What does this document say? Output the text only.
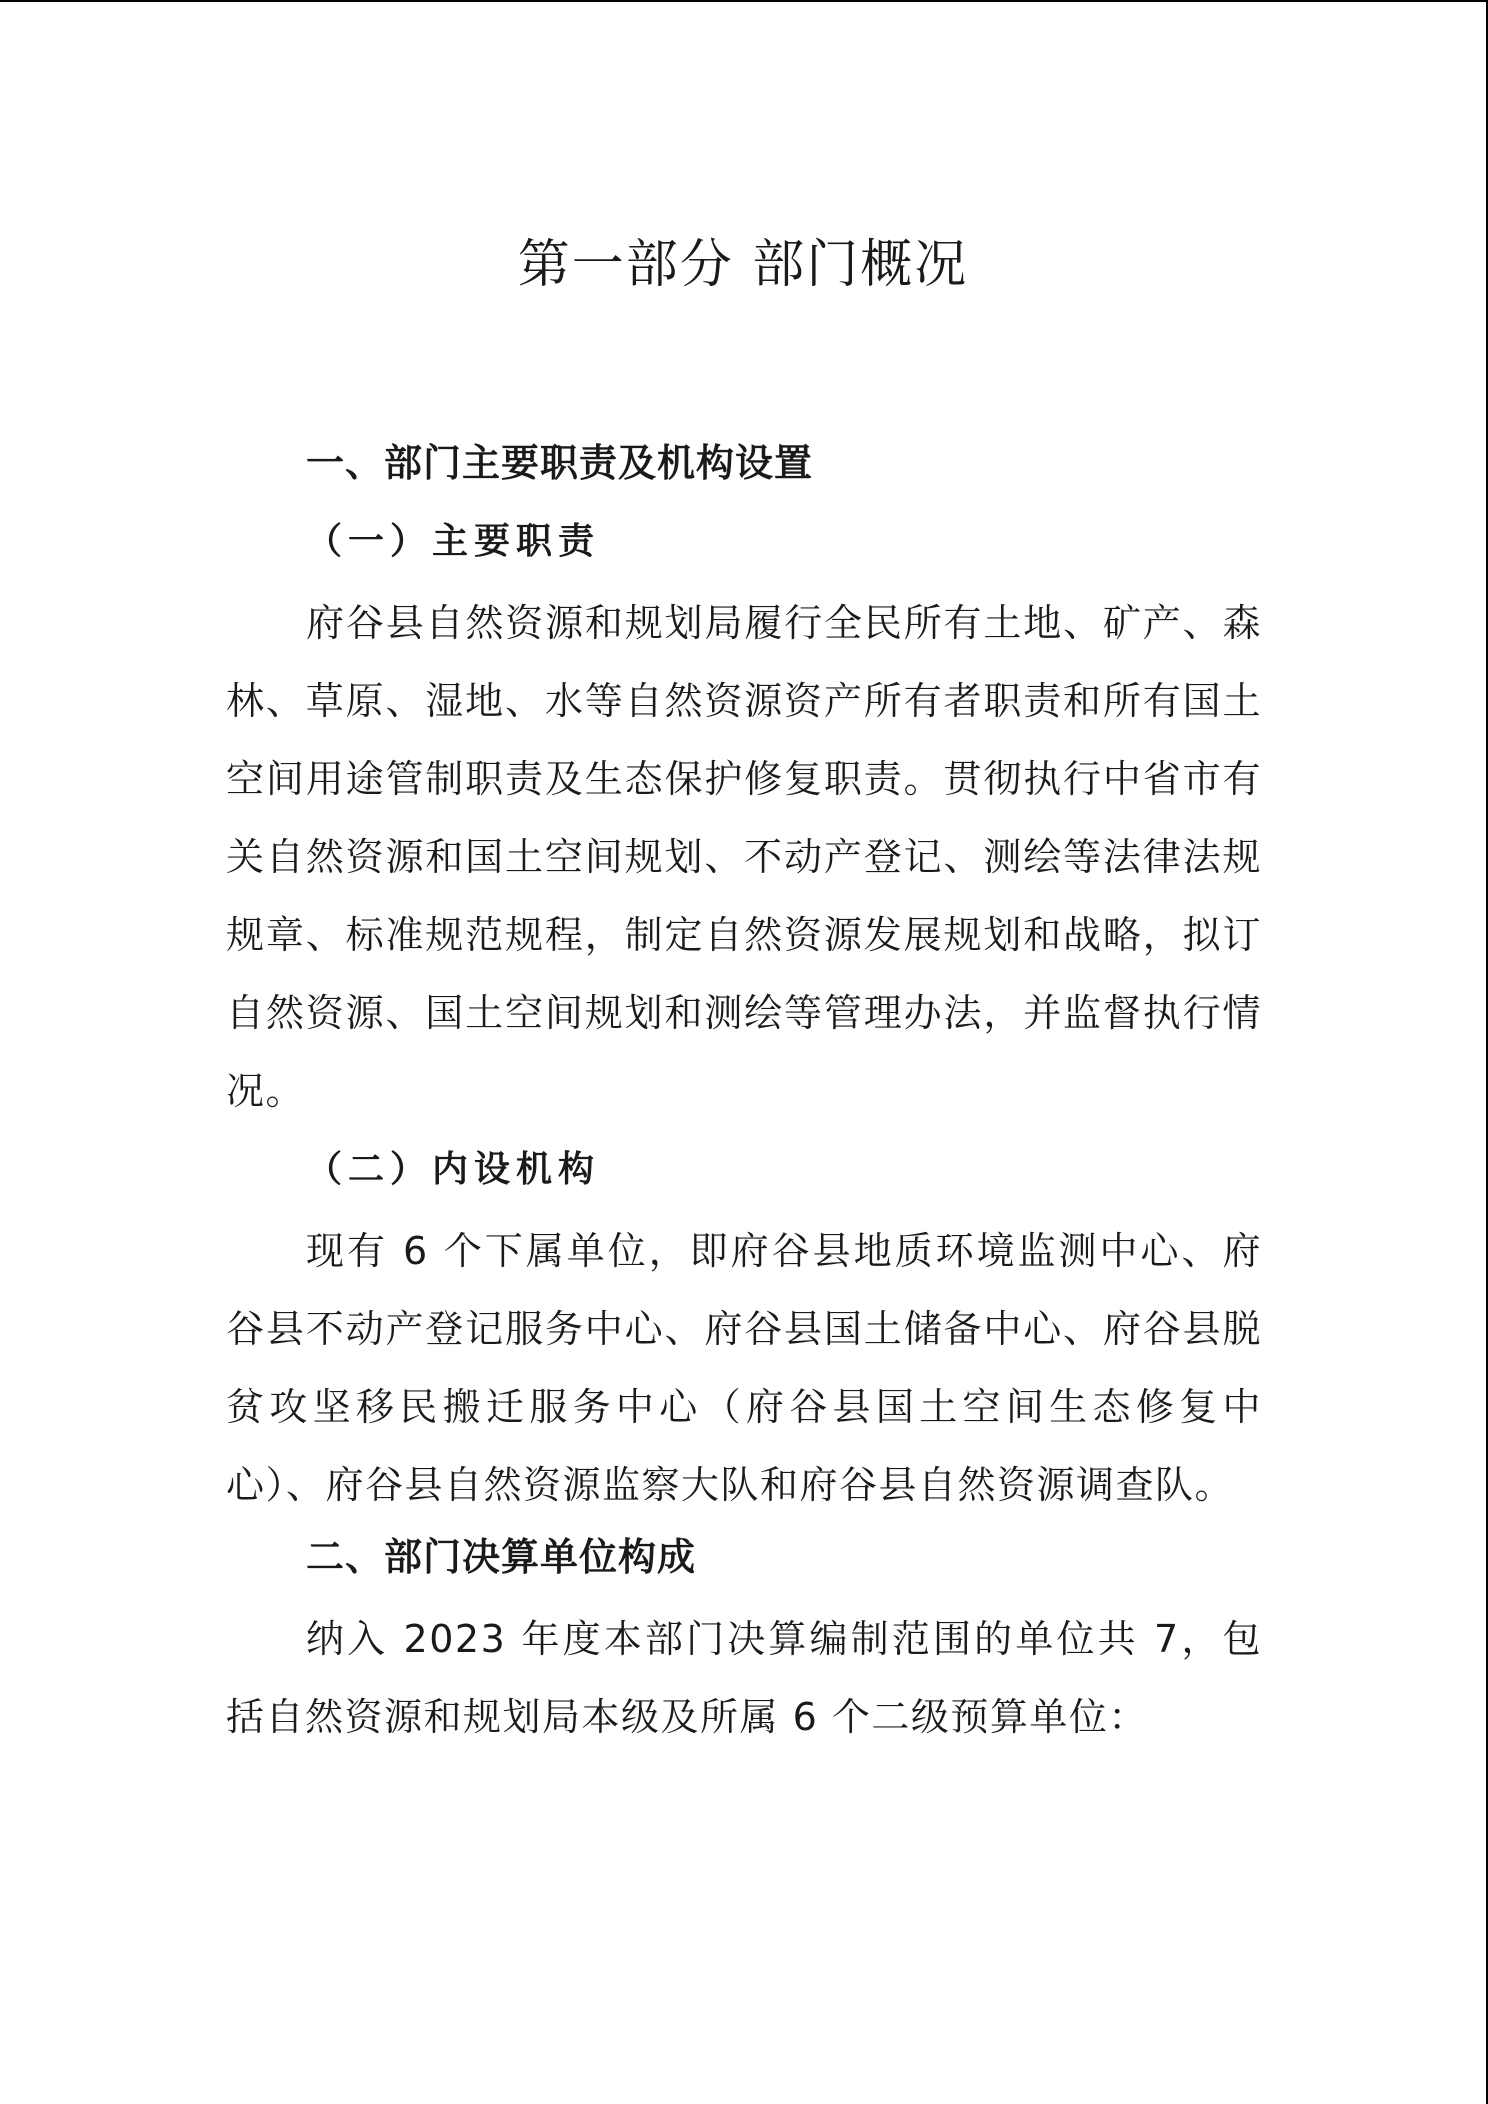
第一部分 部门概况
一、部门主要职责及机构设置
（一）主要职责

府谷县自然资源和规划局履行全民所有土地、矿产、森林、草原、湿地、水等自然资源资产所有者职责和所有国土空间用途管制职责及生态保护修复职责。贯彻执行中省市有关自然资源和国土空间规划、不动产登记、测绘等法律法规规章、标准规范规程，制定自然资源发展规划和战略，拟订自然资源、国土空间规划和测绘等管理办法，并监督执行情况。

（二）内设机构

现有 6 个下属单位，即府谷县地质环境监测中心、府谷县不动产登记服务中心、府谷县国土储备中心、府谷县脱贫攻坚移民搬迁服务中心（府谷县国土空间生态修复中心）、府谷县自然资源监察大队和府谷县自然资源调查队。

二、部门决算单位构成

纳入 2023 年度本部门决算编制范围的单位共 7，包括自然资源和规划局本级及所属 6 个二级预算单位：
